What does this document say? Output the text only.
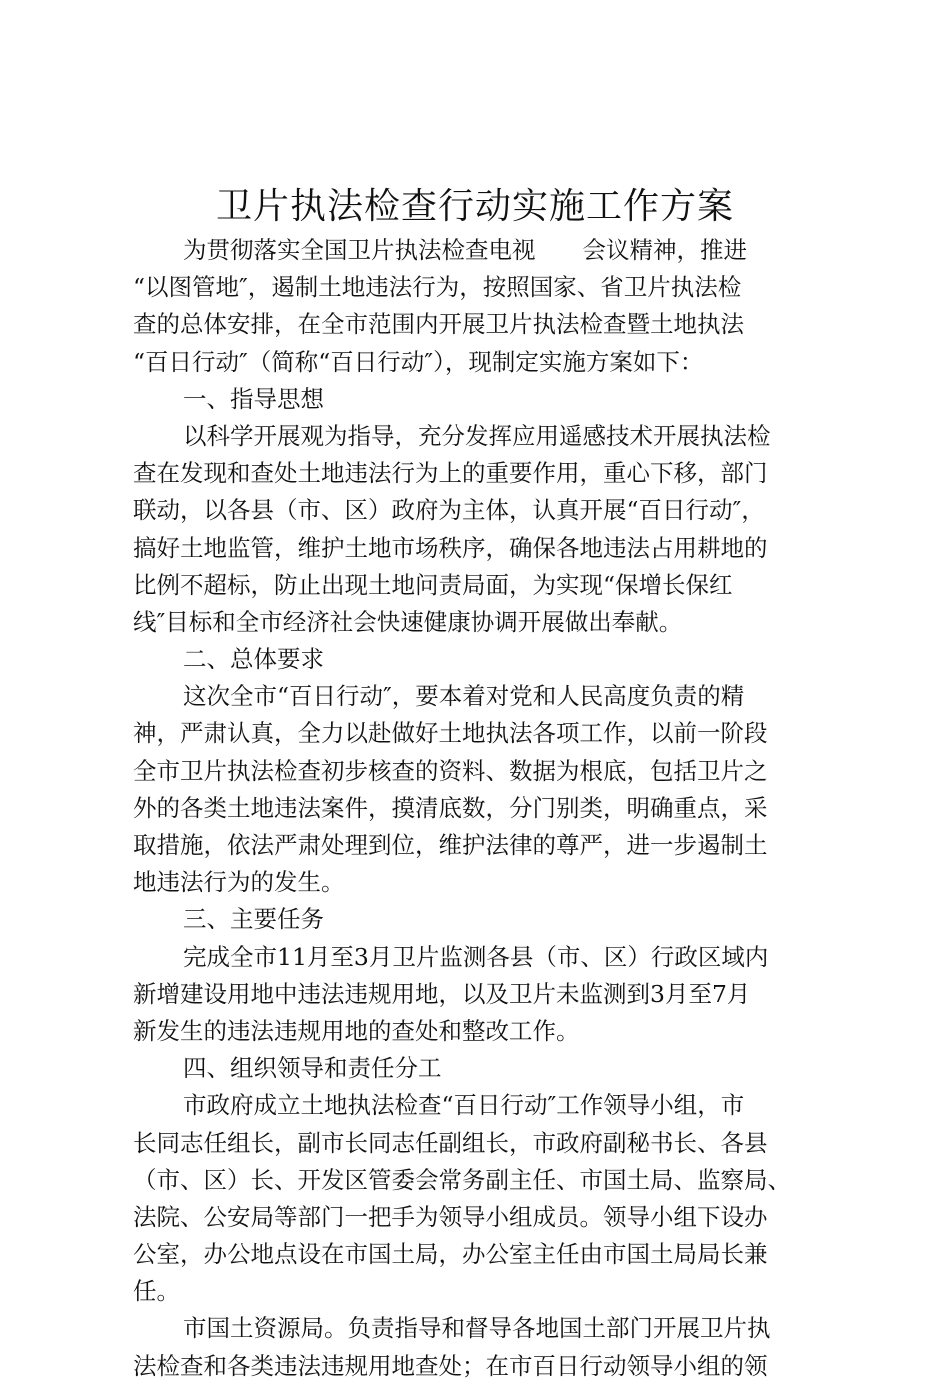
卫片执法检查行动实施工作方案
为贯彻落实全国卫片执法检查电视　　会议精神，推进
“以图管地″，遏制土地违法行为，按照国家、省卫片执法检
查的总体安排，在全市范围内开展卫片执法检查暨土地执法
“百日行动″（简称“百日行动″），现制定实施方案如下：
一、指导思想
以科学开展观为指导，充分发挥应用遥感技术开展执法检
查在发现和查处土地违法行为上的重要作用，重心下移，部门
联动，以各县（市、区）政府为主体，认真开展“百日行动″，
搞好土地监管，维护土地市场秩序，确保各地违法占用耕地的
比例不超标，防止出现土地问责局面，为实现“保增长保红
线″目标和全市经济社会快速健康协调开展做出奉献。
二、总体要求
这次全市“百日行动″，要本着对党和人民高度负责的精
神，严肃认真，全力以赴做好土地执法各项工作，以前一阶段
全市卫片执法检查初步核查的资料、数据为根底，包括卫片之
外的各类土地违法案件，摸清底数，分门别类，明确重点，采
取措施，依法严肃处理到位，维护法律的尊严，进一步遏制土
地违法行为的发生。
三、主要任务
完成全市11月至3月卫片监测各县（市、区）行政区域内
新增建设用地中违法违规用地，以及卫片未监测到3月至7月
新发生的违法违规用地的查处和整改工作。
四、组织领导和责任分工
市政府成立土地执法检查“百日行动″工作领导小组，市
长同志任组长，副市长同志任副组长，市政府副秘书长、各县
（市、区）长、开发区管委会常务副主任、市国土局、监察局、
法院、公安局等部门一把手为领导小组成员。领导小组下设办
公室，办公地点设在市国土局，办公室主任由市国土局局长兼
任。
市国土资源局。负责指导和督导各地国土部门开展卫片执
法检查和各类违法违规用地查处；在市百日行动领导小组的领
